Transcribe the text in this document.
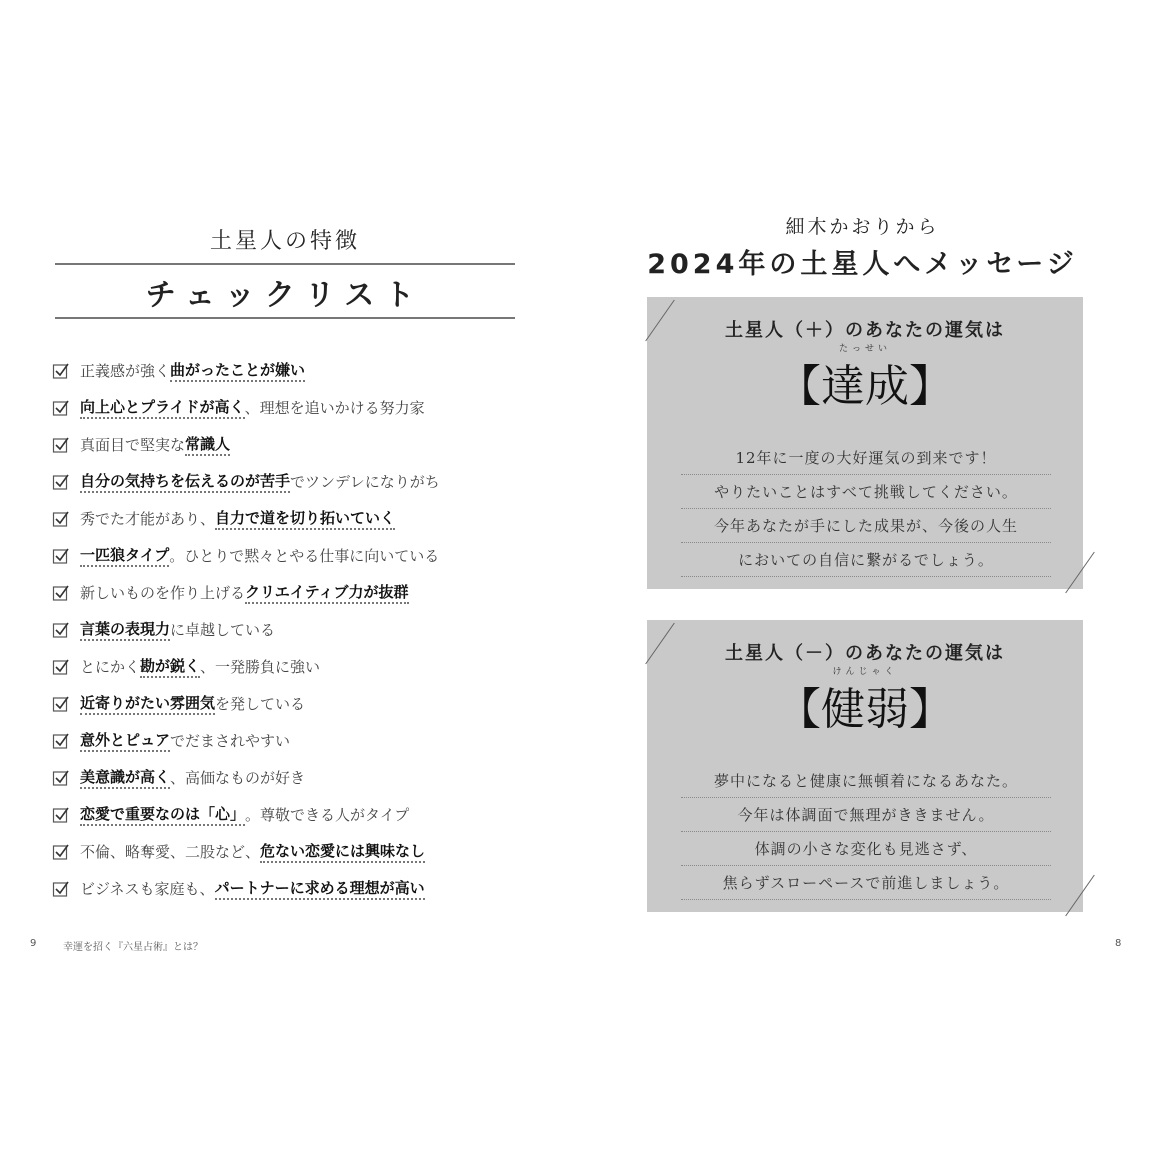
土星人の特徴
チェックリスト
正義感が強く 曲がったことが嫌い
向上心とプライドが高く 、理想を追いかける努力家
真面目で堅実な 常識人
自分の気持ちを伝えるのが苦手 でツンデレになりがち
秀でた才能があり、 自力で道を切り拓いていく
一匹狼タイプ 。ひとりで黙々とやる仕事に向いている
新しいものを作り上げる クリエイティブ力が抜群
言葉の表現力 に卓越している
とにかく 勘が鋭く 、一発勝負に強い
近寄りがたい雰囲気 を発している
意外とピュア でだまされやすい
美意識が高く 、高価なものが好き
恋愛で重要なのは「心」 。尊敬できる人がタイプ
不倫、略奪愛、二股など、 危ない恋愛には興味なし
ビジネスも家庭も、 パートナーに求める理想が高い
9	幸運を招く『六星占術』とは？
細木かおりから
2024年の土星人へメッセージ
土星人（＋）のあなたの運気は
たっせい
【達成】
12年に一度の大好運気の到来です！
やりたいことはすべて挑戦してください。
今年あなたが手にした成果が、今後の人生
においての自信に繋がるでしょう。
土星人（－）のあなたの運気は
けんじゃく
【健弱】
夢中になると健康に無頓着になるあなた。
今年は体調面で無理がききません。
体調の小さな変化も見逃さず、
焦らずスローペースで前進しましょう。
8
